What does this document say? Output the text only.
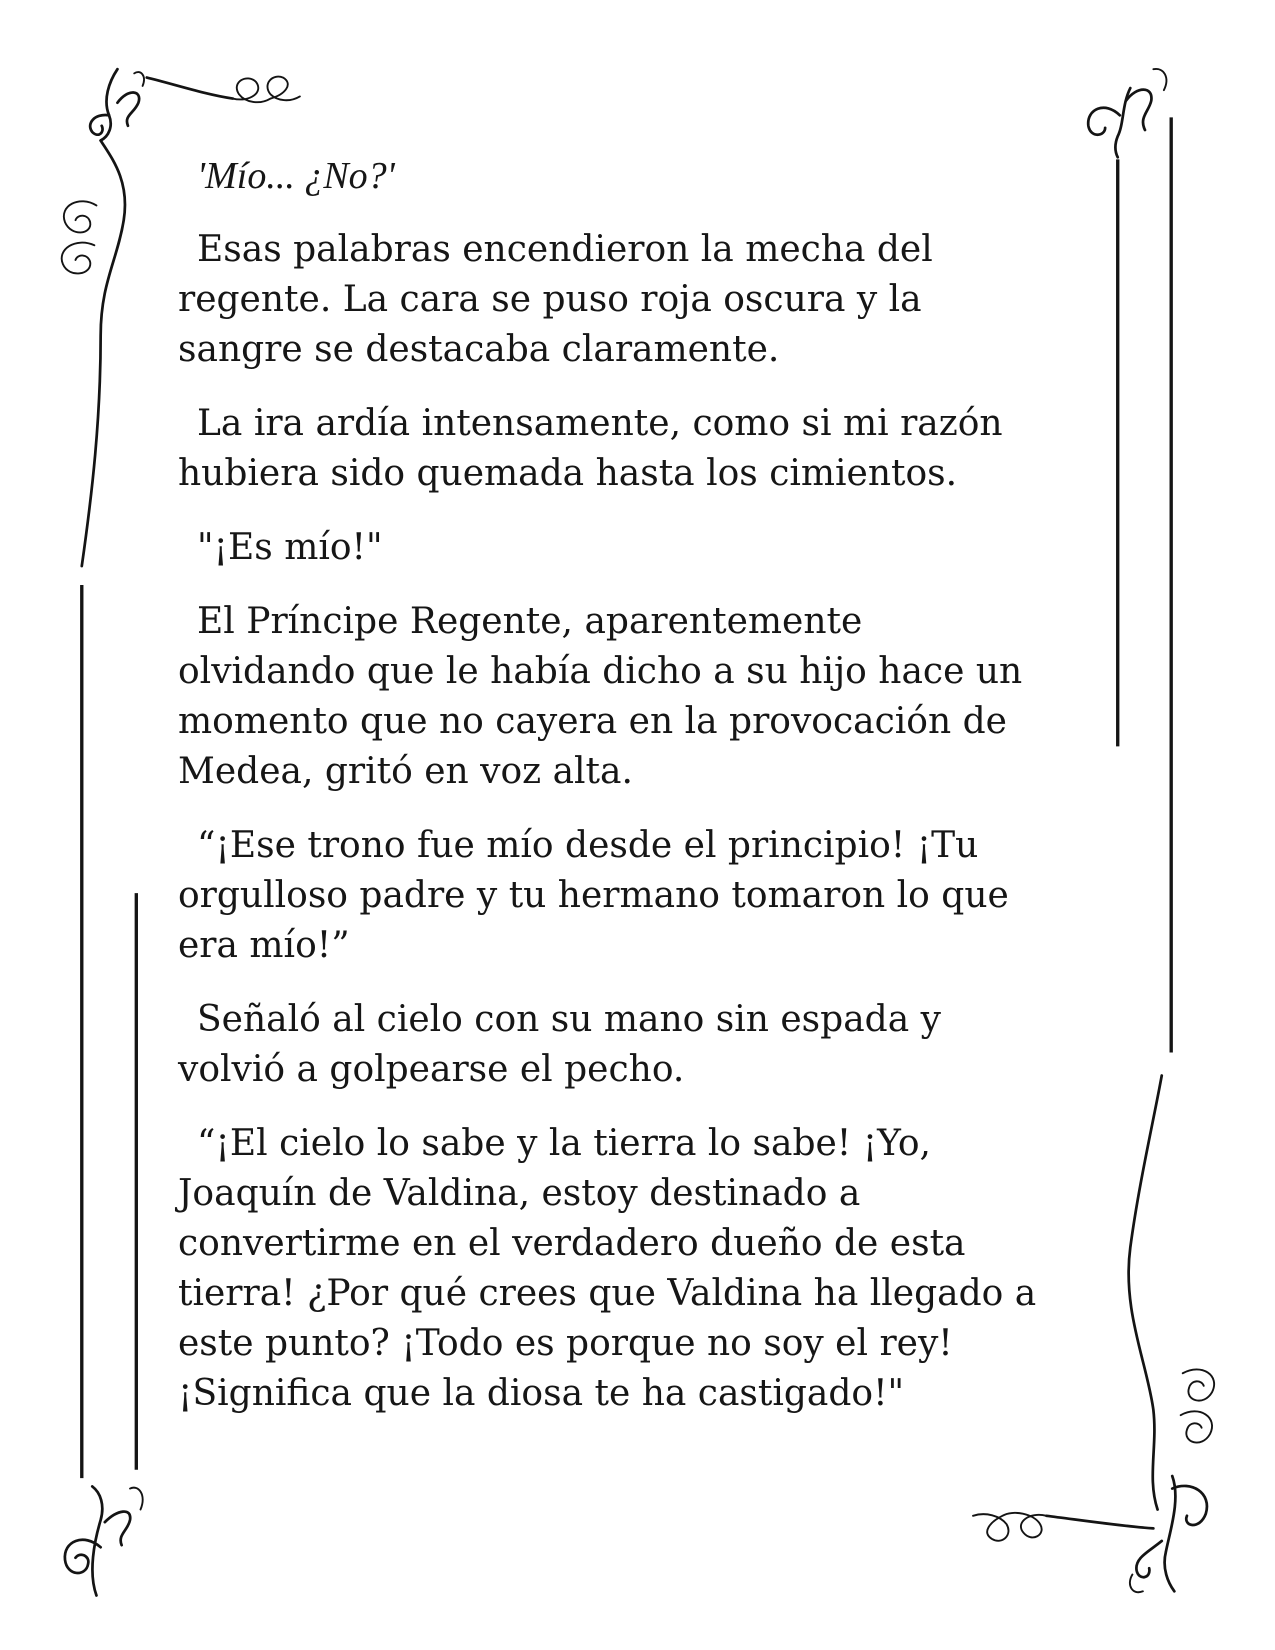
'Mío... ¿No?'
Esas palabras encendieron la mecha del
regente. La cara se puso roja oscura y la
sangre se destacaba claramente.
La ira ardía intensamente, como si mi razón
hubiera sido quemada hasta los cimientos.
"¡Es mío!"
El Príncipe Regente, aparentemente
olvidando que le había dicho a su hijo hace un
momento que no cayera en la provocación de
Medea, gritó en voz alta.
“¡Ese trono fue mío desde el principio! ¡Tu
orgulloso padre y tu hermano tomaron lo que
era mío!”
Señaló al cielo con su mano sin espada y
volvió a golpearse el pecho.
“¡El cielo lo sabe y la tierra lo sabe! ¡Yo,
Joaquín de Valdina, estoy destinado a
convertirme en el verdadero dueño de esta
tierra! ¿Por qué crees que Valdina ha llegado a
este punto? ¡Todo es porque no soy el rey!
¡Significa que la diosa te ha castigado!"
